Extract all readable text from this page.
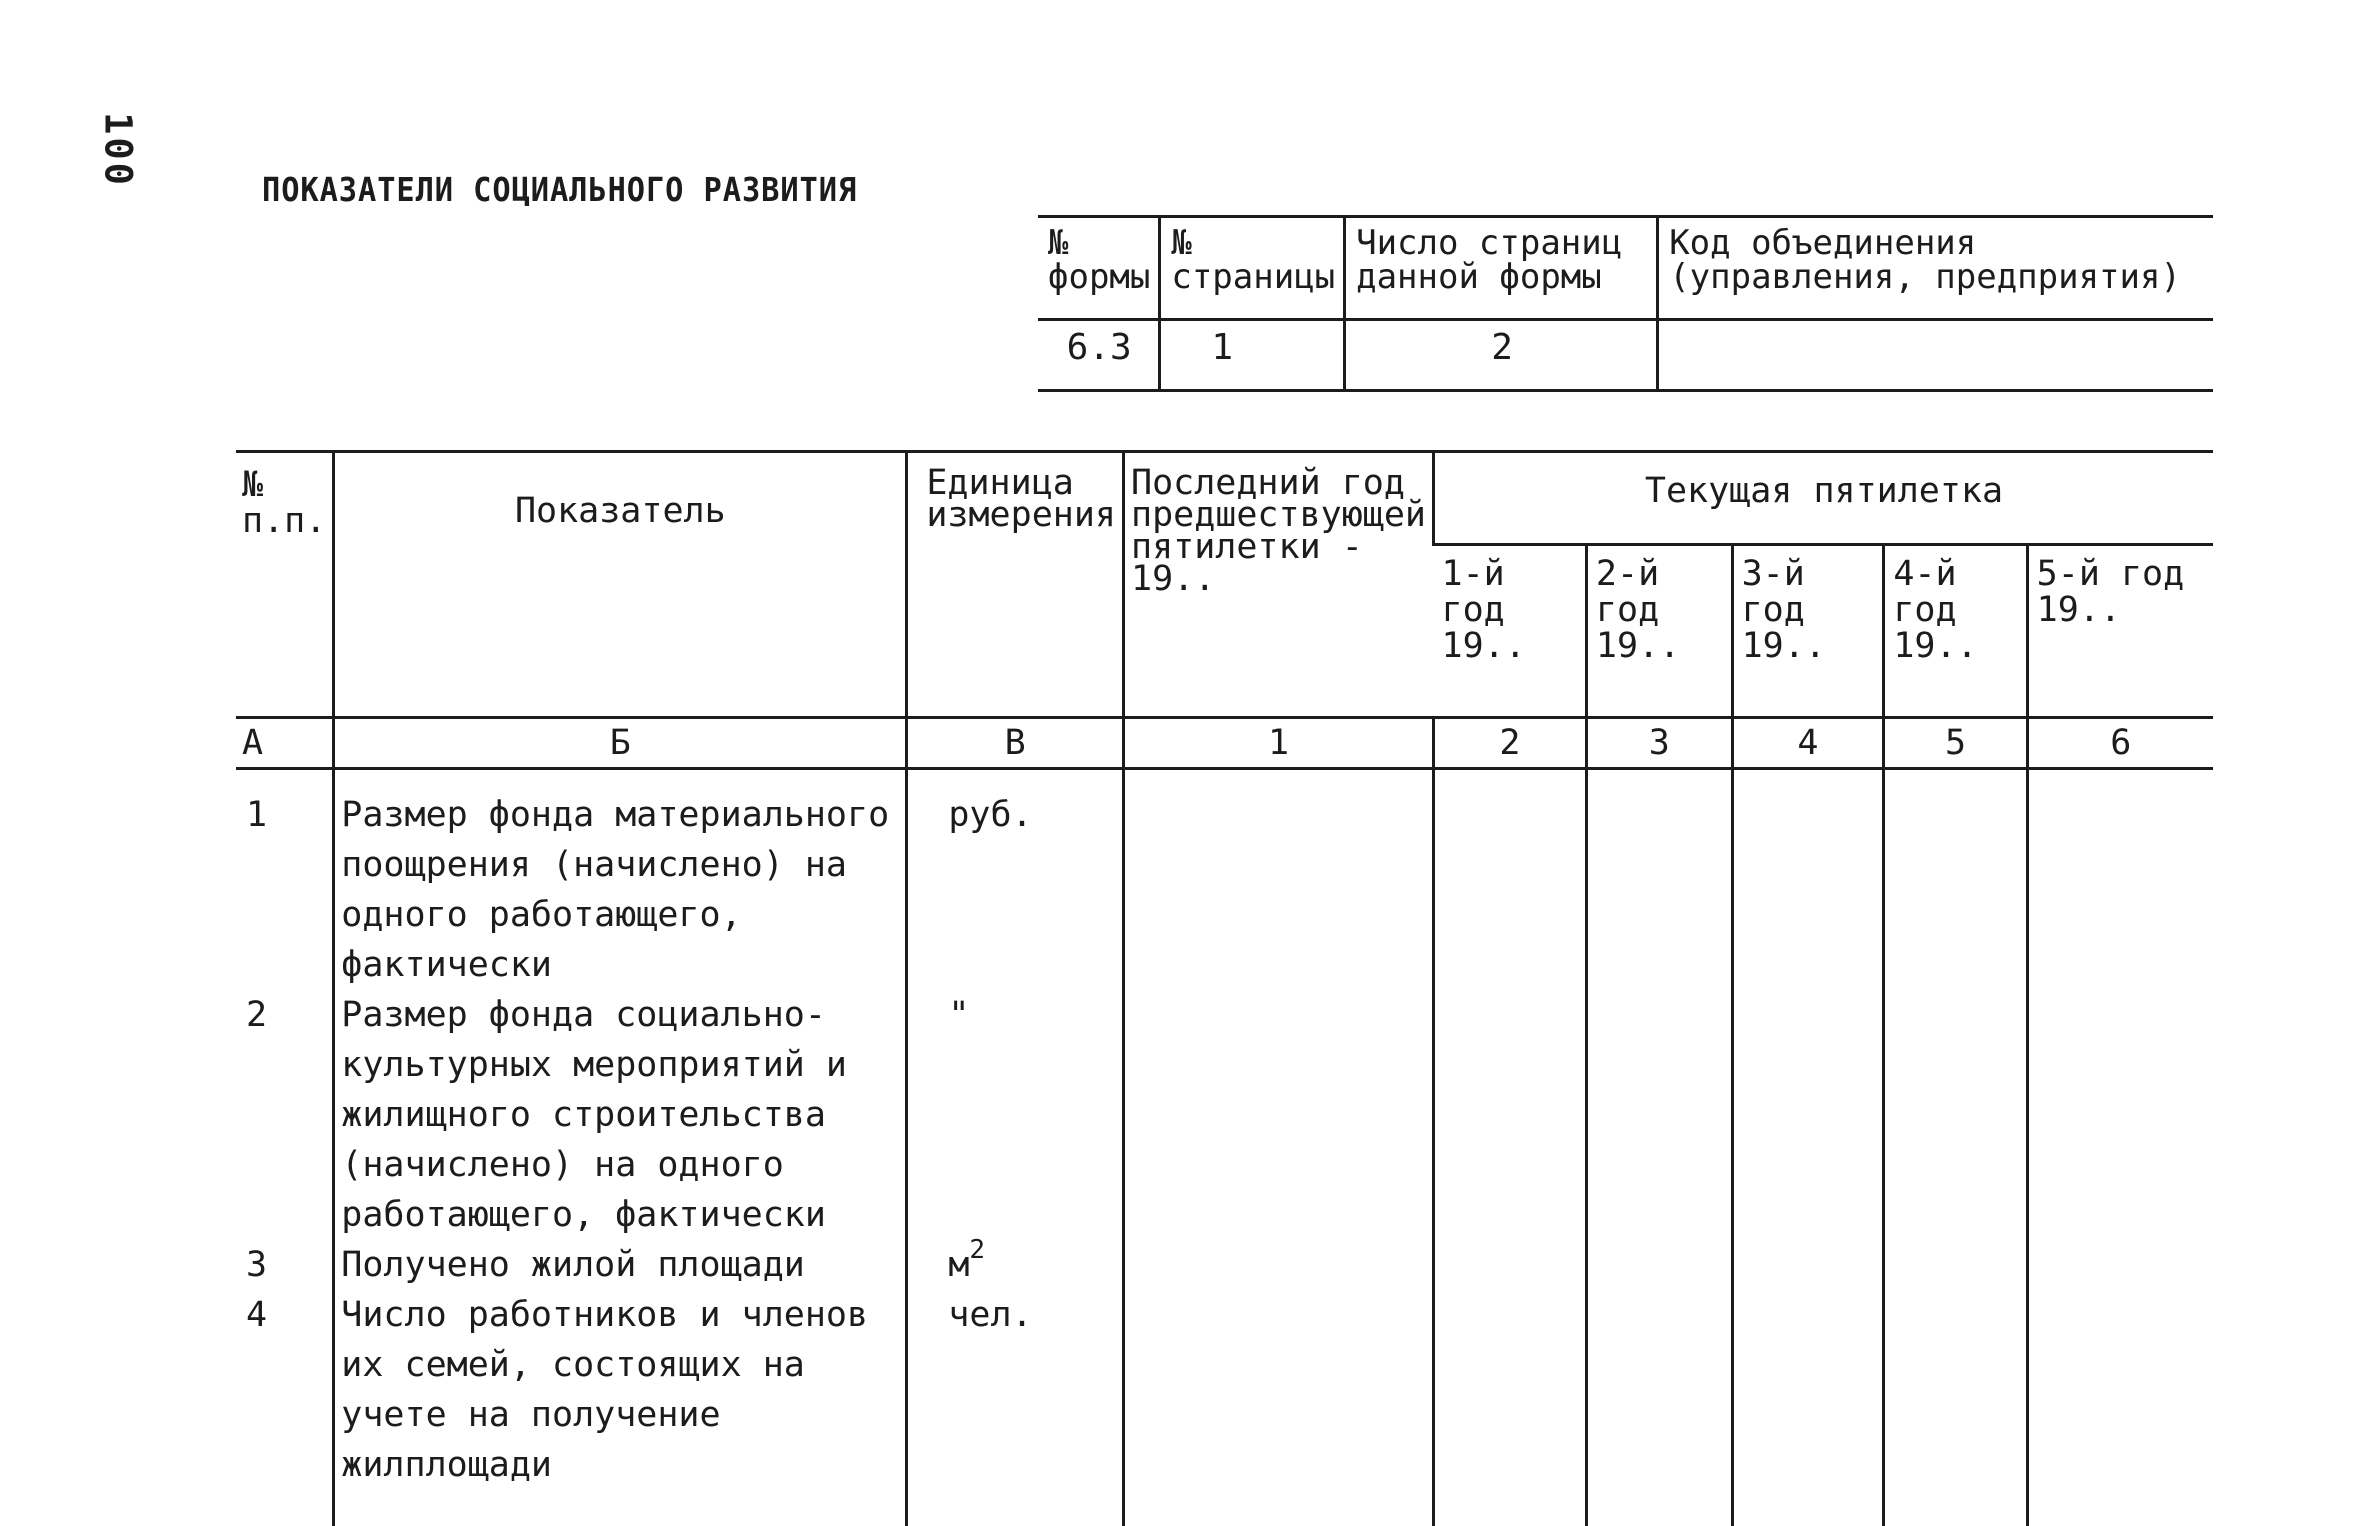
100
ПОКАЗАТЕЛИ СОЦИАЛЬНОГО РАЗВИТИЯ
№ формы	№ страницы	Число страниц данной формы	Код объединения (управления, предприятия)
6.3	1	2	
№ п.п.	Показатель	Единица измерения	Последний год предшествующей пятилетки - 19..	Текущая пятилетка				
				1-й год 19..	2-й год 19..	3-й год 19..	4-й год 19..	5-й год 19..
А	Б	В	1	2	3	4	5	6
1	Размер фонда материального поощрения (начислено) на одного работающего, фактически	руб.						
2	Размер фонда социально-культурных мероприятий и жилищного строительства (начислено) на одного работающего, фактически	"						
3	Получено жилой площади	$м^2$						
4	Число работников и членов их семей, состоящих на учете на получение жилплощади	чел.						
